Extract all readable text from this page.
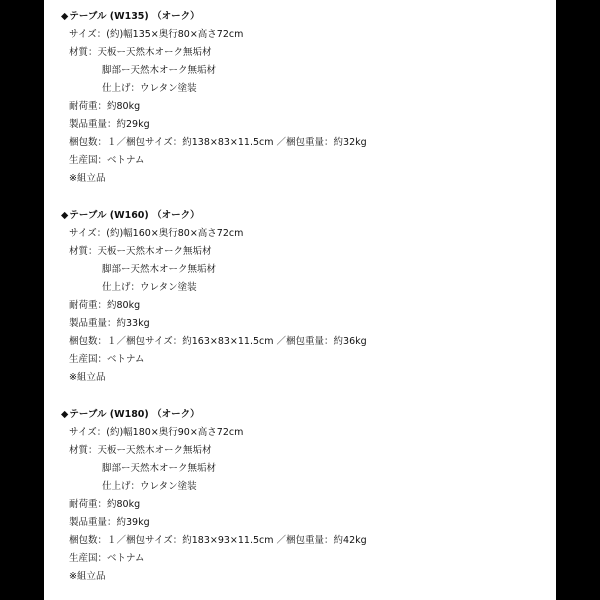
◆テーブル (W135) （オーク）
サイズ：(約)幅135×奥行80×高さ72cm
材質：天板ー天然木オーク無垢材
脚部ー天然木オーク無垢材
仕上げ：ウレタン塗装
耐荷重：約80kg
製品重量：約29kg
梱包数：１／梱包サイズ：約138×83×11.5cm ／梱包重量：約32kg
生産国：ベトナム
※組立品
◆テーブル (W160) （オーク）
サイズ：(約)幅160×奥行80×高さ72cm
材質：天板ー天然木オーク無垢材
脚部ー天然木オーク無垢材
仕上げ：ウレタン塗装
耐荷重：約80kg
製品重量：約33kg
梱包数：１／梱包サイズ：約163×83×11.5cm ／梱包重量：約36kg
生産国：ベトナム
※組立品
◆テーブル (W180) （オーク）
サイズ：(約)幅180×奥行90×高さ72cm
材質：天板ー天然木オーク無垢材
脚部ー天然木オーク無垢材
仕上げ：ウレタン塗装
耐荷重：約80kg
製品重量：約39kg
梱包数：１／梱包サイズ：約183×93×11.5cm ／梱包重量：約42kg
生産国：ベトナム
※組立品
